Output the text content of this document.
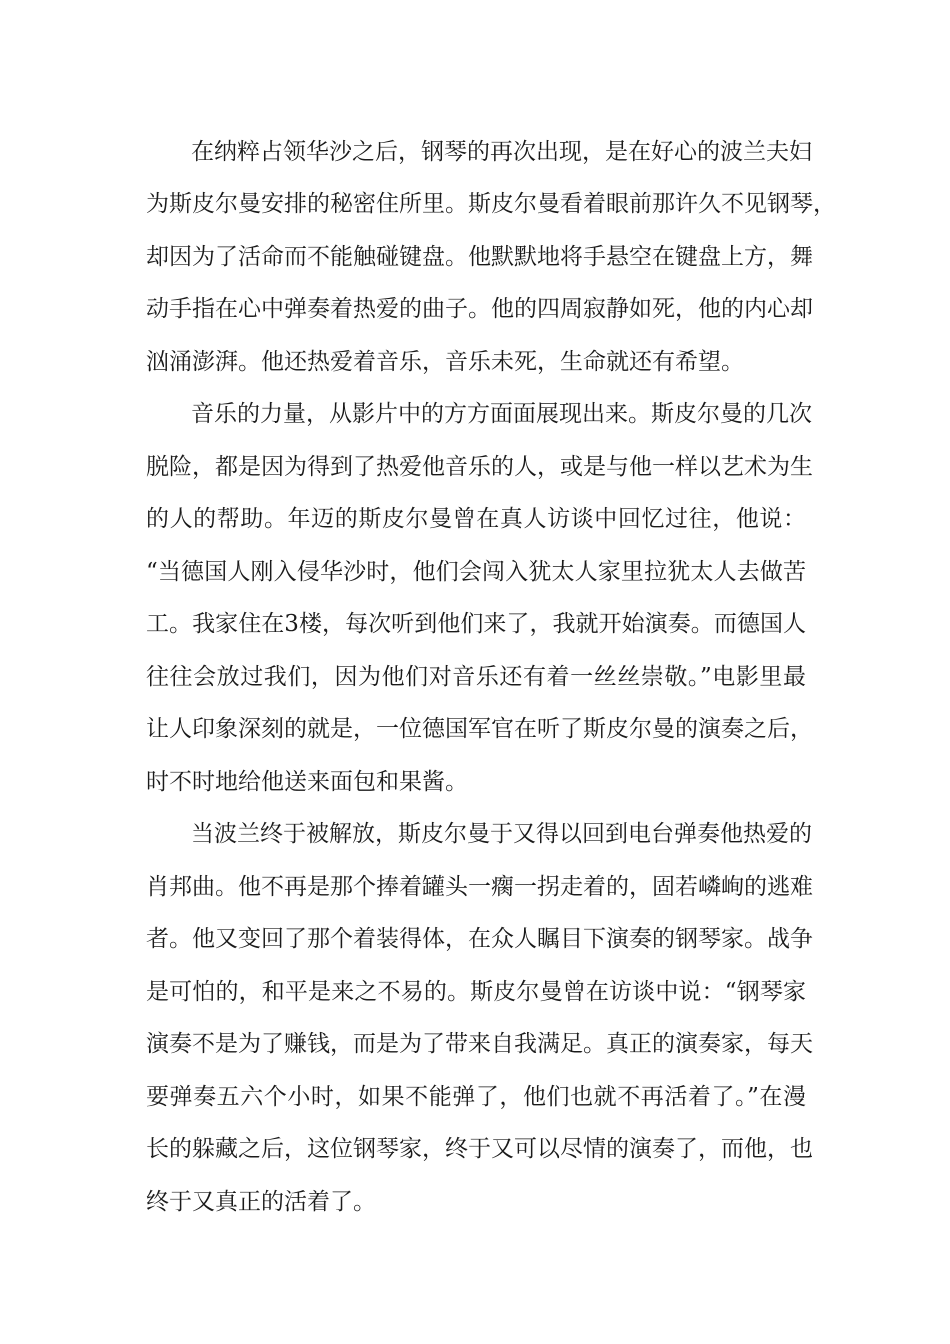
在纳粹占领华沙之后，钢琴的再次出现，是在好心的波兰夫妇
为斯皮尔曼安排的秘密住所里。斯皮尔曼看着眼前那许久不见钢琴，
却因为了活命而不能触碰键盘。他默默地将手悬空在键盘上方，舞
动手指在心中弹奏着热爱的曲子。他的四周寂静如死，他的内心却
汹涌澎湃。他还热爱着音乐，音乐未死，生命就还有希望。
音乐的力量，从影片中的方方面面展现出来。斯皮尔曼的几次
脱险，都是因为得到了热爱他音乐的人，或是与他一样以艺术为生
的人的帮助。年迈的斯皮尔曼曾在真人访谈中回忆过往，他说：
“当德国人刚入侵华沙时，他们会闯入犹太人家里拉犹太人去做苦
工。我家住在3楼，每次听到他们来了，我就开始演奏。而德国人
往往会放过我们，因为他们对音乐还有着一丝丝崇敬。”电影里最
让人印象深刻的就是，一位德国军官在听了斯皮尔曼的演奏之后，
时不时地给他送来面包和果酱。
当波兰终于被解放，斯皮尔曼于又得以回到电台弹奏他热爱的
肖邦曲。他不再是那个捧着罐头一瘸一拐走着的，固若嶙峋的逃难
者。他又变回了那个着装得体，在众人瞩目下演奏的钢琴家。战争
是可怕的，和平是来之不易的。斯皮尔曼曾在访谈中说：“钢琴家
演奏不是为了赚钱，而是为了带来自我满足。真正的演奏家，每天
要弹奏五六个小时，如果不能弹了，他们也就不再活着了。”在漫
长的躲藏之后，这位钢琴家，终于又可以尽情的演奏了，而他，也
终于又真正的活着了。
